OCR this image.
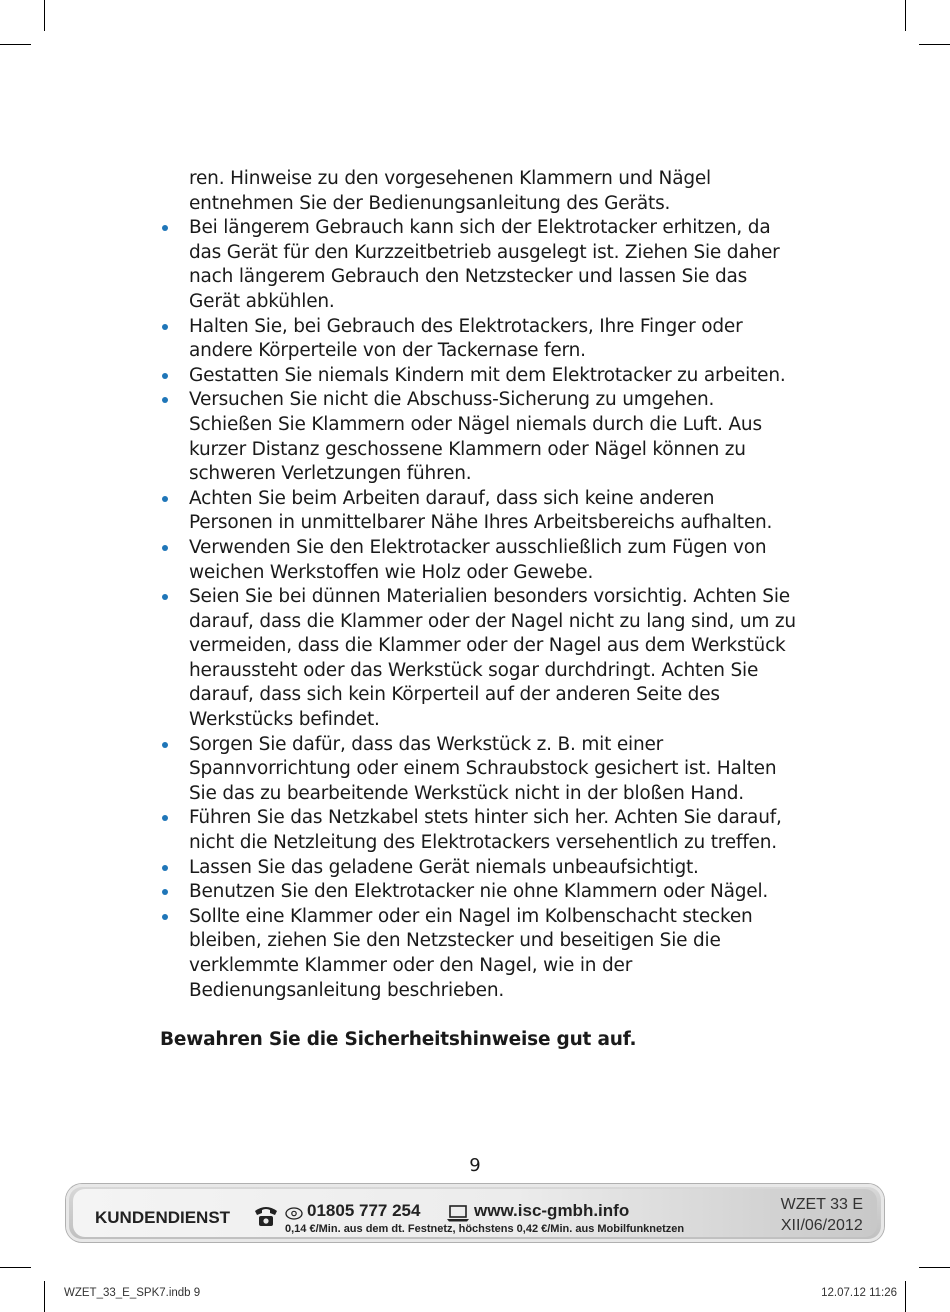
ren. Hinweise zu den vorgesehenen Klammern und Nägel entnehmen Sie der Bedienungsanleitung des Geräts.

Bei längerem Gebrauch kann sich der Elektrotacker erhitzen, da das Gerät für den Kurzzeitbetrieb ausgelegt ist. Ziehen Sie daher nach längerem Gebrauch den Netzstecker und lassen Sie das Gerät abkühlen.
Halten Sie, bei Gebrauch des Elektrotackers, Ihre Finger oder andere Körperteile von der Tackernase fern.
Gestatten Sie niemals Kindern mit dem Elektrotacker zu arbeiten.
Versuchen Sie nicht die Abschuss-Sicherung zu umgehen. Schießen Sie Klammern oder Nägel niemals durch die Luft. Aus kurzer Distanz geschossene Klammern oder Nägel können zu schweren Verletzungen führen.
Achten Sie beim Arbeiten darauf, dass sich keine anderen Personen in unmittelbarer Nähe Ihres Arbeitsbereichs aufhalten.
Verwenden Sie den Elektrotacker ausschließlich zum Fügen von weichen Werkstoffen wie Holz oder Gewebe.
Seien Sie bei dünnen Materialien besonders vorsichtig. Achten Sie darauf, dass die Klammer oder der Nagel nicht zu lang sind, um zu vermeiden, dass die Klammer oder der Nagel aus dem Werkstück heraussteht oder das Werkstück sogar durchdringt. Achten Sie darauf, dass sich kein Körperteil auf der anderen Seite des Werkstücks befindet.
Sorgen Sie dafür, dass das Werkstück z. B. mit einer Spannvorrichtung oder einem Schraubstock gesichert ist. Halten Sie das zu bearbeitende Werkstück nicht in der bloßen Hand.
Führen Sie das Netzkabel stets hinter sich her. Achten Sie darauf, nicht die Netzleitung des Elektrotackers versehentlich zu treffen.
Lassen Sie das geladene Gerät niemals unbeaufsichtigt.
Benutzen Sie den Elektrotacker nie ohne Klammern oder Nägel.
Sollte eine Klammer oder ein Nagel im Kolbenschacht stecken bleiben, ziehen Sie den Netzstecker und beseitigen Sie die verklemmte Klammer oder den Nagel, wie in der Bedienungsanleitung beschrieben.

Bewahren Sie die Sicherheitshinweise gut auf.

9
KUNDENDIENST	01805 777 254	www.isc-gmbh.info
0,14 €/Min. aus dem dt. Festnetz, höchstens 0,42 €/Min. aus Mobilfunknetzen
WZET 33 E
XII/06/2012
WZET_33_E_SPK7.indb 9	12.07.12 11:26
